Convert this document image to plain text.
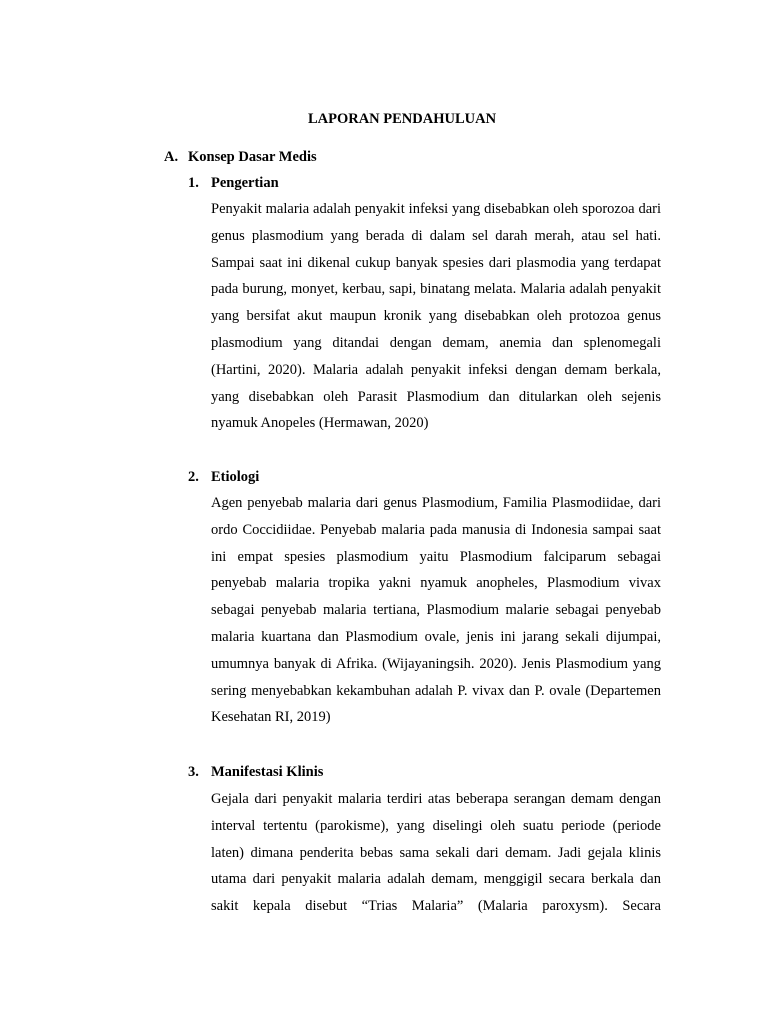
LAPORAN PENDAHULUAN
A. Konsep Dasar Medis
1. Pengertian
Penyakit malaria adalah penyakit infeksi yang disebabkan oleh sporozoa dari genus plasmodium yang berada di dalam sel darah merah, atau sel hati. Sampai saat ini dikenal cukup banyak spesies dari plasmodia yang terdapat pada burung, monyet, kerbau, sapi, binatang melata. Malaria adalah penyakit yang bersifat akut maupun kronik yang disebabkan oleh protozoa genus plasmodium yang ditandai dengan demam, anemia dan splenomegali (Hartini, 2020). Malaria adalah penyakit infeksi dengan demam berkala, yang disebabkan oleh Parasit Plasmodium dan ditularkan oleh sejenis nyamuk Anopeles (Hermawan, 2020)
2. Etiologi
Agen penyebab malaria dari genus Plasmodium, Familia Plasmodiidae, dari ordo Coccidiidae. Penyebab malaria pada manusia di Indonesia sampai saat ini empat spesies plasmodium yaitu Plasmodium falciparum sebagai penyebab malaria tropika yakni nyamuk anopheles, Plasmodium vivax sebagai penyebab malaria tertiana, Plasmodium malarie sebagai penyebab malaria kuartana dan Plasmodium ovale, jenis ini jarang sekali dijumpai, umumnya banyak di Afrika. (Wijayaningsih. 2020). Jenis Plasmodium yang sering menyebabkan kekambuhan adalah P. vivax dan P. ovale (Departemen Kesehatan RI, 2019)
3. Manifestasi Klinis
Gejala dari penyakit malaria terdiri atas beberapa serangan demam dengan interval tertentu (parokisme), yang diselingi oleh suatu periode (periode laten) dimana penderita bebas sama sekali dari demam. Jadi gejala klinis utama dari penyakit malaria adalah demam, menggigil secara berkala dan sakit kepala disebut “Trias Malaria” (Malaria paroxysm). Secara
